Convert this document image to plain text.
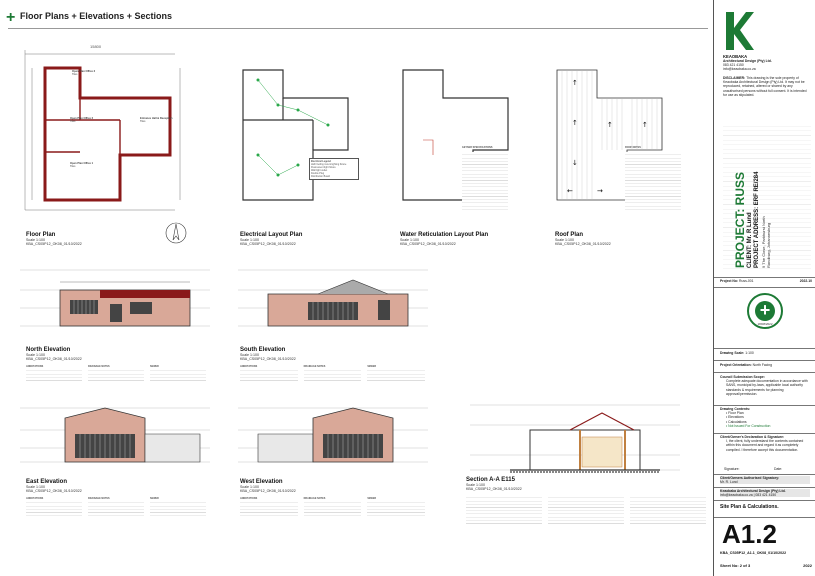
+ Floor Plans + Elevations + Sections
15800
Open Plan Office 3
Tiles
Open Plan Office 2
Tiles
Entrance Hall & Reception
Tiles
Open Plan Office 1
Tiles
Floor Plan
Scale 1:100
KBA_CS05P12_OK08_01/10/2022
Electrical Legend
LED Ceiling mount lighting fixture
Fluorescent light fixture
Wall light outlet
Double Plug
Distribution Board
Electrical Layout Plan
Scale 1:100
KBA_CS05P12_OK08_01/10/2022
GEYSER SPECIFICATIONS
Water Reticulation Layout Plan
Scale 1:100
KBA_CS05P12_OK08_01/10/2022
↑
↑
↓
↑	↑
←	→
ROOF NOTES
Roof Plan
Scale 1:100
KBA_CS05P12_OK08_01/10/2022
North Elevation
Scale 1:100
KBA_CS05P12_OK08_01/10/2022
South Elevation
Scale 1:100
KBA_CS05P12_OK08_01/10/2022
ANNOTATIONS	DRAINAGE NOTES	SEWER	ANNOTATIONS	DRAINAGE NOTES	SEWER
East Elevation
Scale 1:100
KBA_CS05P12_OK08_01/10/2022
West Elevation
Scale 1:100
KBA_CS05P12_OK08_01/10/2022
ANNOTATIONS	DRAINAGE NOTES	SEWER	ANNOTATIONS	DRAINAGE NOTES	SEWER
Section A-A E115
Scale 1:100
KBA_CS05P12_OK08_01/10/2022
KEAOBAKA
Architectural Design (Pty) Ltd.
083 421 4150
info@keaobaka.co.za
DISCLAIMER: This drawing is the sole property of Keaobaka Architectural Design (Pty) Ltd. It may not be reproduced, retained, altered or shared by any unauthorised persons without full consent. It is intended for use as stipulated.
PROJECT: RUSS CLIENT: Mr. R Lund PROJECT ADDRESS: ERF RE/284 9 The Close, Parkhurst North Randburg, Johannesburg
Project No: Russ-001	2022.10
+
18/08/2022
Drawing Scale: 1:100
Project Orientation: North Facing
Council Submission Scope:
Complete adequate documentation in accordance with SANS, municipal by-laws, applicable local authority standards & requirements for planning approval/permission.
Drawing Contents:
• Floor Plan
• Elevations
• Calculations
• Not Issued For Construction
Client/Owner's Declaration & Signature:
I, the client, fully understand the contents contained within this document and regard it as completely compiled. I therefore accept this documentation.
Signature:	Date:
Client/Owners Authorised Signatory:
Mr. R. Lund
Keaobaka Architectural Design (Pty) Ltd.
info@keaobaka.co.za | 083 421 4150
Site Plan & Calculations.
A1.2
KBA_CS05P12_A1.1_OK08_01/10/2022
Sheet No: 2 of 3	2022
